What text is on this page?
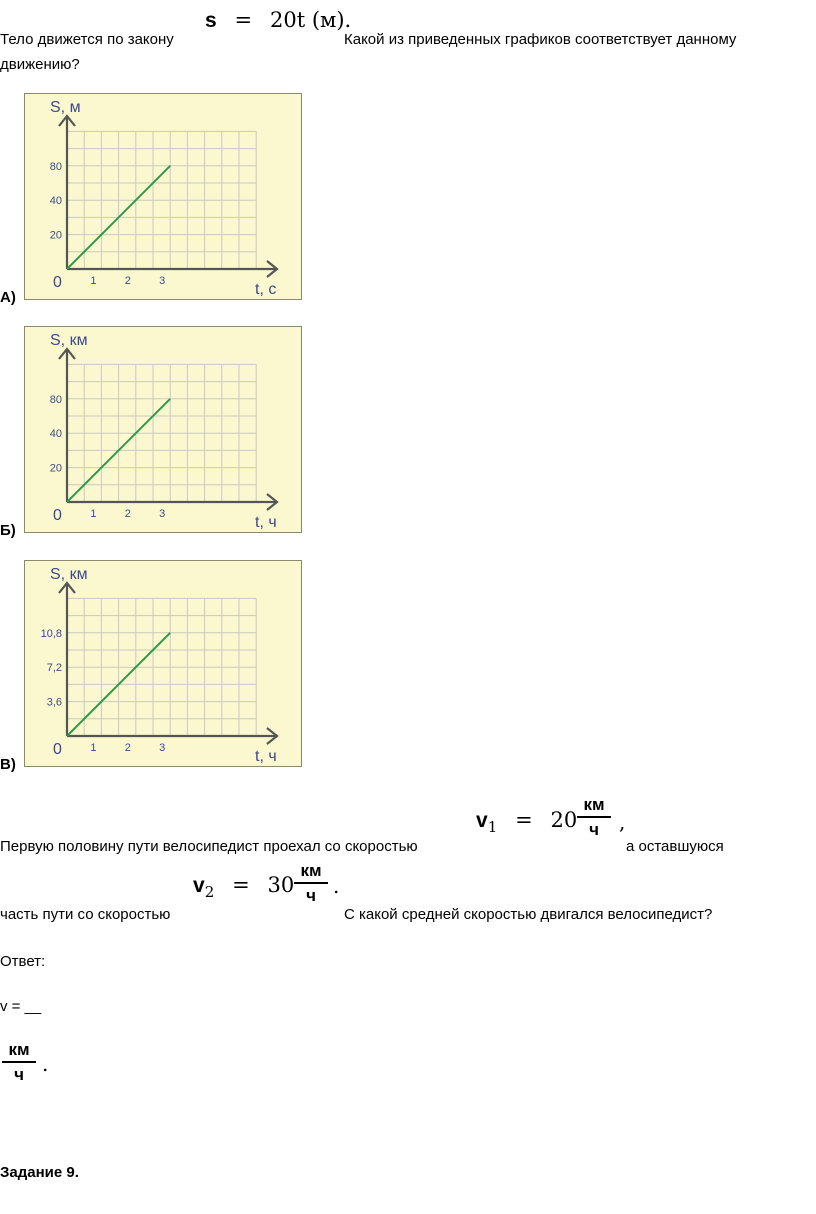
Тело движется по закону
s = 20t (м).
Какой из приведенных графиков соответствует данному
движению?
S, м
t, с
0
20
40
80
1	2	3
А)
S, км
t, ч
0
20
40
80
1	2	3
Б)
S, км
t, ч
0
3,6
7,2
10,8
1	2	3
В)
Первую половину пути велосипедист проехал со скоростью
$v_1 = 20$
км
ч	,
а оставшуюся
часть пути со скоростью
$v_2 = 30$
км
ч .
С какой средней скоростью двигался велосипедист?
Ответ:
v = __
км
ч .
Задание 9.
